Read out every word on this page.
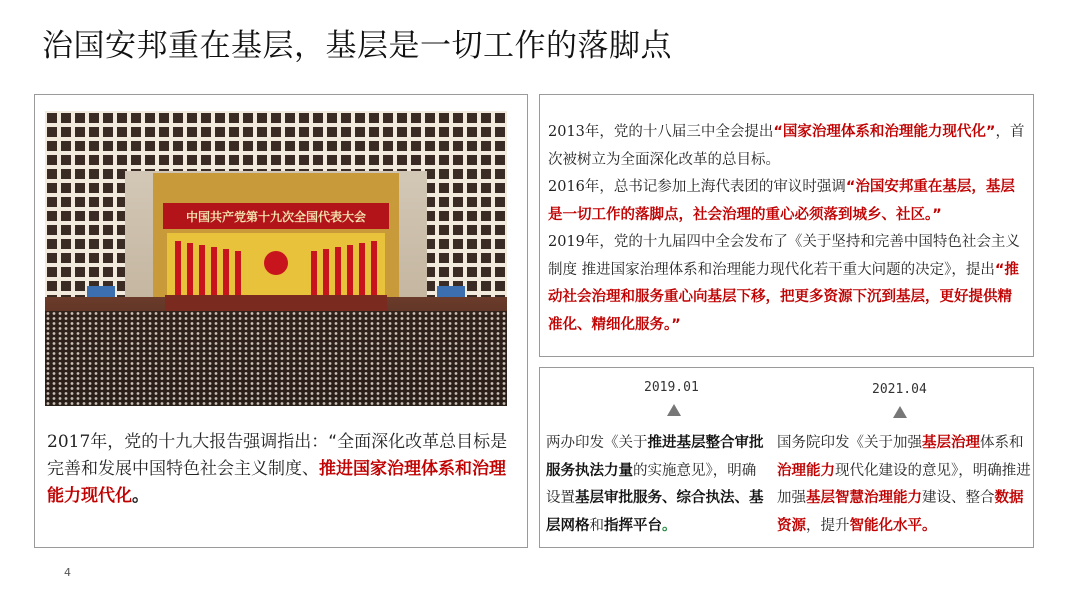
治国安邦重在基层，基层是一切工作的落脚点
中国共产党第十九次全国代表大会
2017年，党的十九大报告强调指出：“全面深化改革总目标是完善和发展中国特色社会主义制度、推进国家治理体系和治理能力现代化。
2013年，党的十八届三中全会提出“国家治理体系和治理能力现代化”，首次被树立为全面深化改革的总目标。
2016年，总书记参加上海代表团的审议时强调“治国安邦重在基层，基层是一切工作的落脚点，社会治理的重心必须落到城乡、社区。”
2019年，党的十九届四中全会发布了《关于坚持和完善中国特色社会主义制度 推进国家治理体系和治理能力现代化若干重大问题的决定》，提出“推动社会治理和服务重心向基层下移，把更多资源下沉到基层，更好提供精准化、精细化服务。”
2019.01	2021.04
两办印发《关于推进基层整合审批服务执法力量的实施意见》，明确设置基层审批服务、综合执法、基层网格和指挥平台。
国务院印发《关于加强基层治理体系和治理能力现代化建设的意见》，明确推进加强基层智慧治理能力建设、整合数据资源，提升智能化水平。
4
